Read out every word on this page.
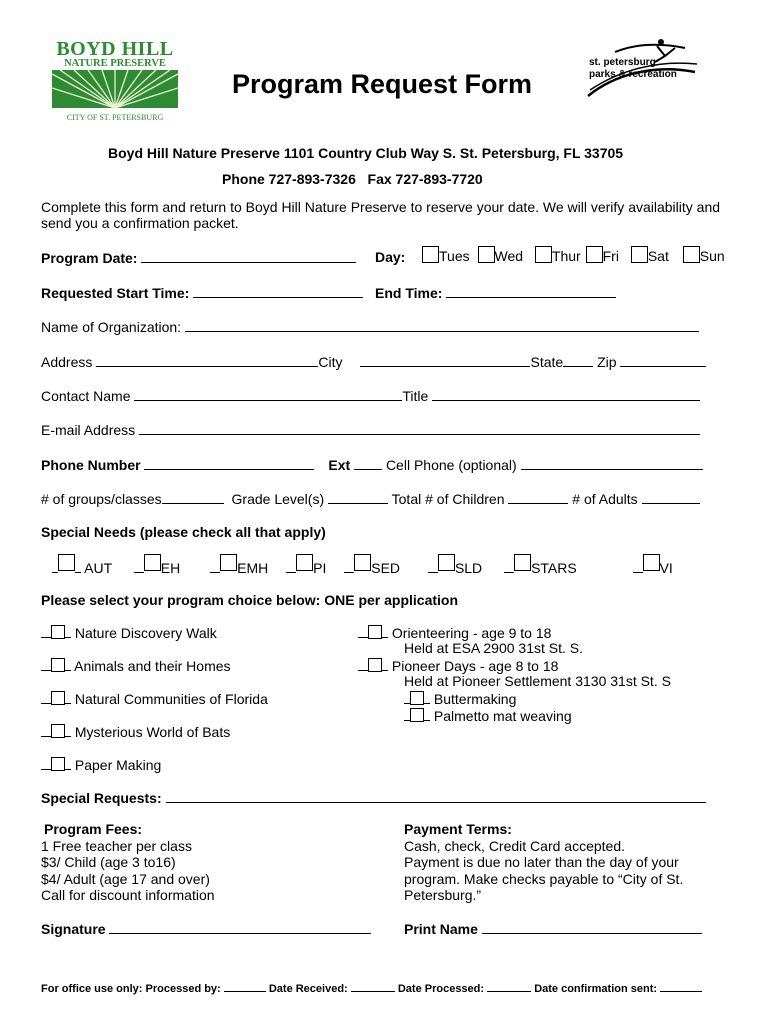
BOYD HILL
NATURE PRESERVE
CITY OF ST. PETERSBURG
st. petersburg
parks & recreation
Program Request Form
Boyd Hill Nature Preserve 1101 Country Club Way S. St. Petersburg, FL 33705
Phone 727-893-7326   Fax 727-893-7720
Complete this form and return to Boyd Hill Nature Preserve to reserve your date. We will verify availability and
send you a confirmation packet.
Program Date:	Day:	Tues Wed Thur Fri Sat Sun
Requested Start Time:	End Time:
Name of Organization:
Address	City	State Zip
Contact Name	Title
E-mail Address
Phone Number	Ext	Cell Phone (optional)
# of groups/classes	Grade Level(s)	Total # of Children	# of Adults
Special Needs (please check all that apply)
AUT	EH	EMH	PI	SED	SLD	STARS	VI
Please select your program choice below: ONE per application
Nature Discovery Walk
Animals and their Homes
Natural Communities of Florida
Mysterious World of Bats
Paper Making
Orienteering - age 9 to 18
Held at ESA 2900 31st St. S.
Pioneer Days - age 8 to 18
Held at Pioneer Settlement 3130 31st St. S
Buttermaking
Palmetto mat weaving
Special Requests:
Program Fees:
1 Free teacher per class
$3/ Child (age 3 to16)
$4/ Adult (age 17 and over)
Call for discount information
Payment Terms:
Cash, check, Credit Card accepted.
Payment is due no later than the day of your
program. Make checks payable to “City of St.
Petersburg.”
Signature	Print Name
For office use only: Processed by:	Date Received:	Date Processed:	Date confirmation sent:
